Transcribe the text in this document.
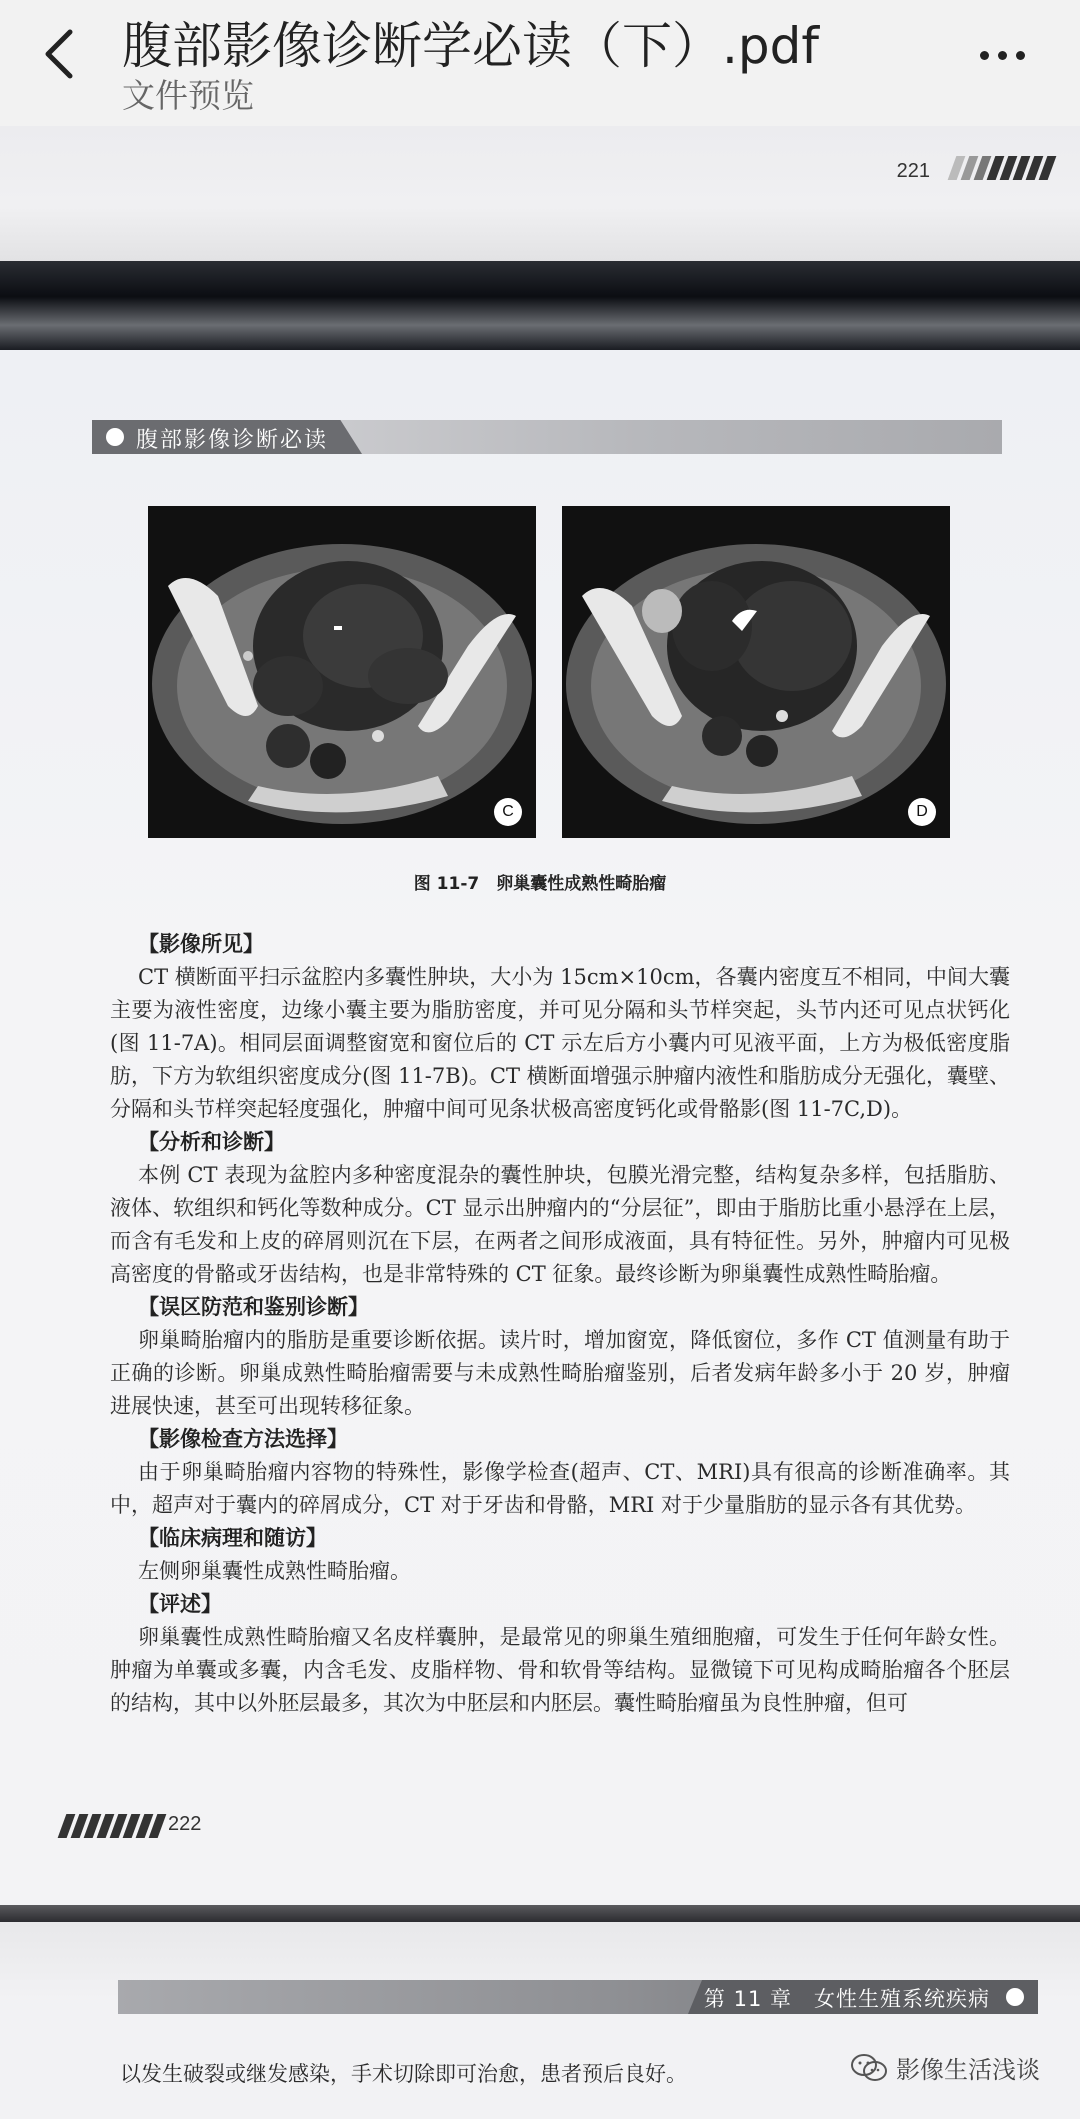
腹部影像诊断学必读（下）.pdf
文件预览
221
腹部影像诊断必读
C	D
图 11-7　卵巢囊性成熟性畸胎瘤
【影像所见】

CT 横断面平扫示盆腔内多囊性肿块，大小为 15cm×10cm，各囊内密度互不相同，中间大囊主要为液性密度，边缘小囊主要为脂肪密度，并可见分隔和头节样突起，头节内还可见点状钙化(图 11-7A)。相同层面调整窗宽和窗位后的 CT 示左后方小囊内可见液平面，上方为极低密度脂肪，下方为软组织密度成分(图 11-7B)。CT 横断面增强示肿瘤内液性和脂肪成分无强化，囊壁、分隔和头节样突起轻度强化，肿瘤中间可见条状极高密度钙化或骨骼影(图 11-7C,D)。

【分析和诊断】

本例 CT 表现为盆腔内多种密度混杂的囊性肿块，包膜光滑完整，结构复杂多样，包括脂肪、液体、软组织和钙化等数种成分。CT 显示出肿瘤内的“分层征”，即由于脂肪比重小悬浮在上层，而含有毛发和上皮的碎屑则沉在下层，在两者之间形成液面，具有特征性。另外，肿瘤内可见极高密度的骨骼或牙齿结构，也是非常特殊的 CT 征象。最终诊断为卵巢囊性成熟性畸胎瘤。

【误区防范和鉴别诊断】

卵巢畸胎瘤内的脂肪是重要诊断依据。读片时，增加窗宽，降低窗位，多作 CT 值测量有助于正确的诊断。卵巢成熟性畸胎瘤需要与未成熟性畸胎瘤鉴别，后者发病年龄多小于 20 岁，肿瘤进展快速，甚至可出现转移征象。

【影像检查方法选择】

由于卵巢畸胎瘤内容物的特殊性，影像学检查(超声、CT、MRI)具有很高的诊断准确率。其中，超声对于囊内的碎屑成分，CT 对于牙齿和骨骼，MRI 对于少量脂肪的显示各有其优势。

【临床病理和随访】

左侧卵巢囊性成熟性畸胎瘤。

【评述】

卵巢囊性成熟性畸胎瘤又名皮样囊肿，是最常见的卵巢生殖细胞瘤，可发生于任何年龄女性。肿瘤为单囊或多囊，内含毛发、皮脂样物、骨和软骨等结构。显微镜下可见构成畸胎瘤各个胚层的结构，其中以外胚层最多，其次为中胚层和内胚层。囊性畸胎瘤虽为良性肿瘤，但可

222
第 11 章　女性生殖系统疾病
以发生破裂或继发感染，手术切除即可治愈，患者预后良好。	影像生活浅谈
